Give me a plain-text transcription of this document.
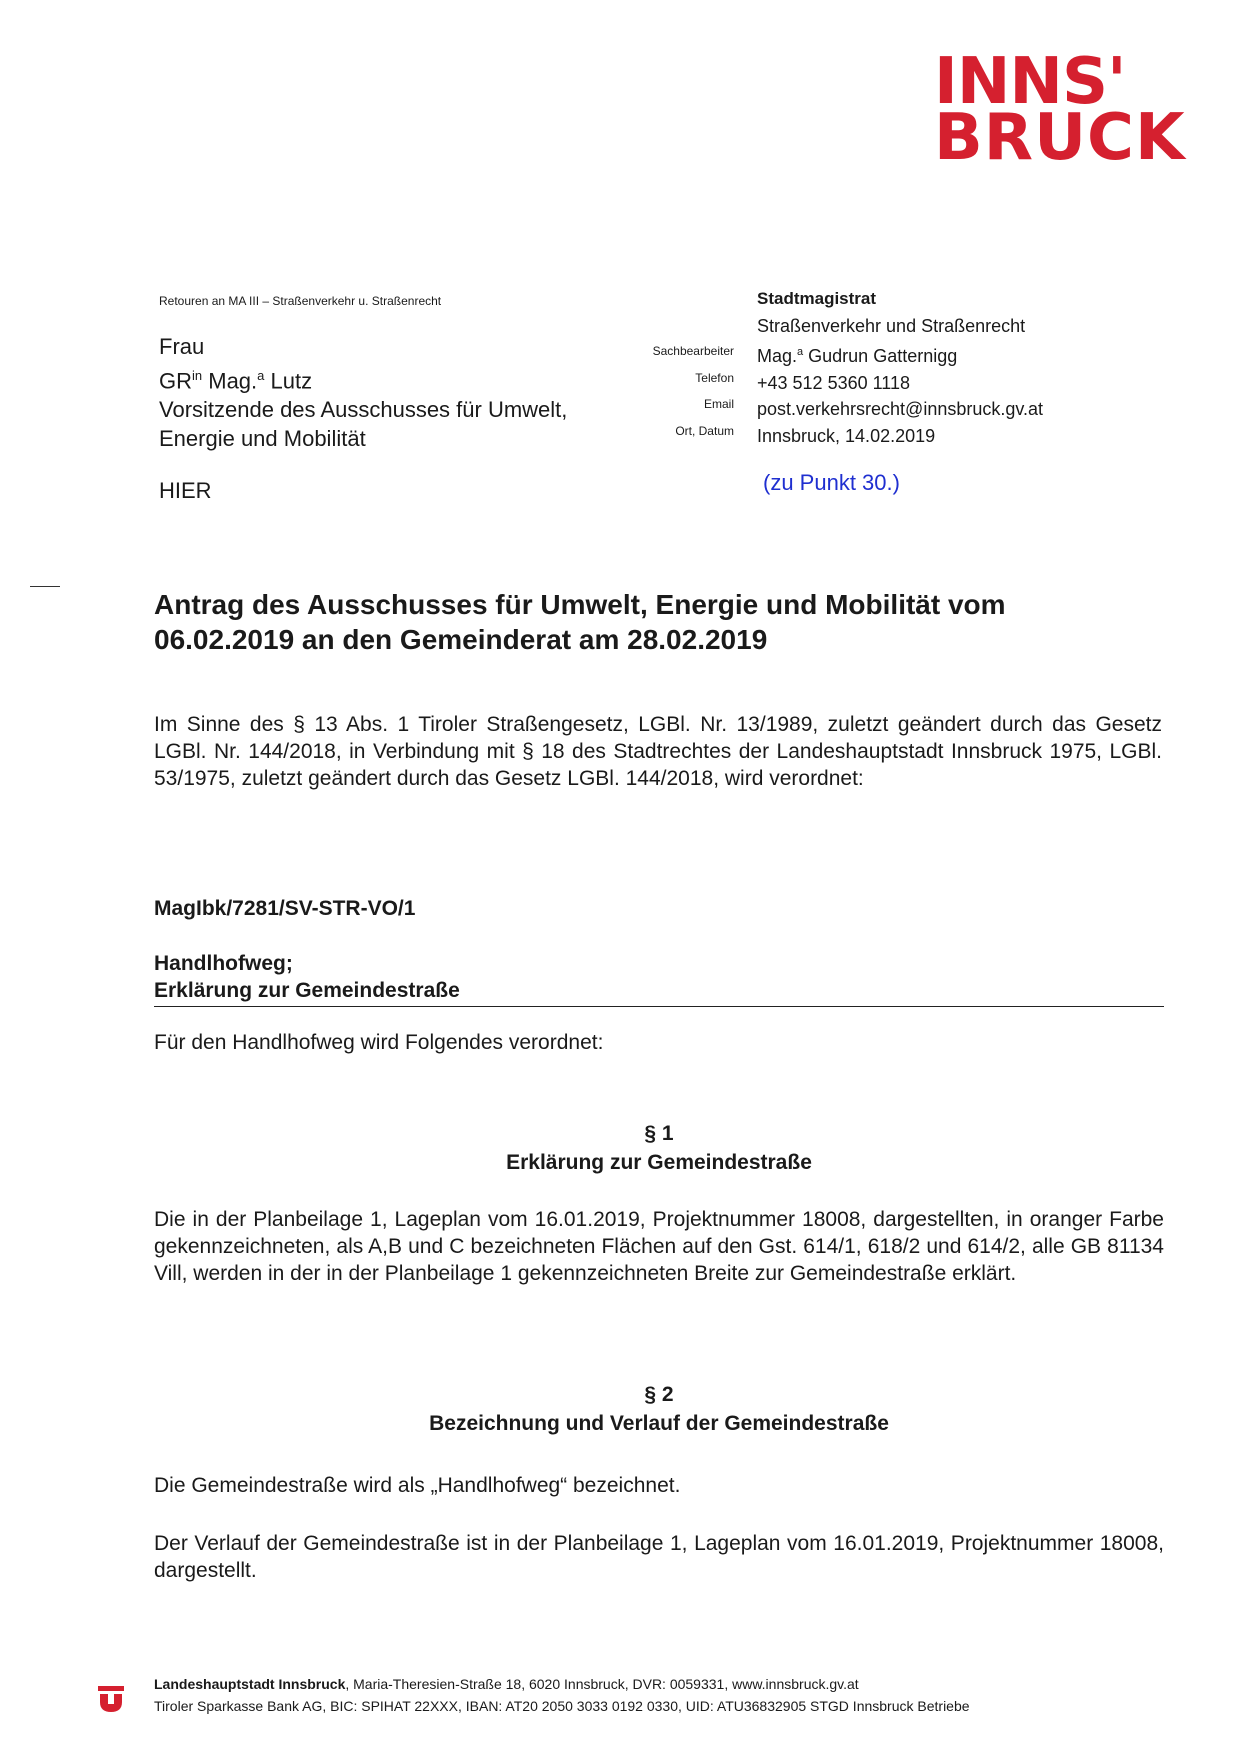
INNS'
BRUCK
Retouren an MA III – Straßenverkehr u. Straßenrecht
Frau
$GR^{in}$ Mag.$^a$ Lutz
Vorsitzende des Ausschusses für Umwelt,
Energie und Mobilität
HIER
Sachbearbeiter
Telefon
Email
Ort, Datum
Stadtmagistrat
Straßenverkehr und Straßenrecht
Mag.$^a$ Gudrun Gatternigg
+43 512 5360 1118
post.verkehrsrecht@innsbruck.gv.at
Innsbruck, 14.02.2019
(zu Punkt 30.)
Antrag des Ausschusses für Umwelt, Energie und Mobilität vom 06.02.2019 an den Gemeinderat am 28.02.2019
Im Sinne des § 13 Abs. 1 Tiroler Straßengesetz, LGBl. Nr. 13/1989, zuletzt geändert durch das Gesetz LGBl. Nr. 144/2018, in Verbindung mit § 18 des Stadtrechtes der Landeshauptstadt Innsbruck 1975, LGBl. 53/1975, zuletzt geändert durch das Gesetz LGBl. 144/2018, wird verordnet:
MagIbk/7281/SV-STR-VO/1
Handlhofweg;
Erklärung zur Gemeindestraße
Für den Handlhofweg wird Folgendes verordnet:
§ 1
Erklärung zur Gemeindestraße
Die in der Planbeilage 1, Lageplan vom 16.01.2019, Projektnummer 18008, dargestellten, in oranger Farbe gekennzeichneten, als A,B und C bezeichneten Flächen auf den Gst. 614/1, 618/2 und 614/2, alle GB 81134 Vill, werden in der in der Planbeilage 1 gekennzeichneten Breite zur Gemeindestraße erklärt.
§ 2
Bezeichnung und Verlauf der Gemeindestraße
Die Gemeindestraße wird als „Handlhofweg“ bezeichnet.
Der Verlauf der Gemeindestraße ist in der Planbeilage 1, Lageplan vom 16.01.2019, Projektnummer 18008, dargestellt.
Landeshauptstadt Innsbruck, Maria-Theresien-Straße 18, 6020 Innsbruck, DVR: 0059331, www.innsbruck.gv.at
Tiroler Sparkasse Bank AG, BIC: SPIHAT 22XXX, IBAN: AT20 2050 3033 0192 0330, UID: ATU36832905 STGD Innsbruck Betriebe
